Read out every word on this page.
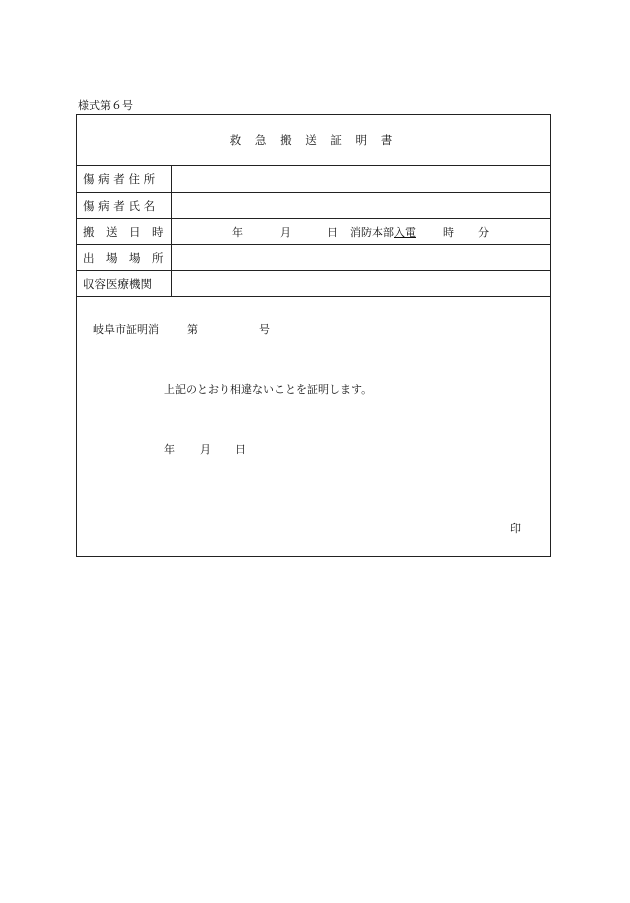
様式第６号
救 急 搬 送 証 明 書
傷 病 者 住 所
傷 病 者 氏 名
搬　送　日　時	年	月	日 消防本部 入電 時 分
出　場　場　所
収容医療機関
岐阜市証明消	第	号
上記のとおり相違ないことを証明します。
年 月 日
印
